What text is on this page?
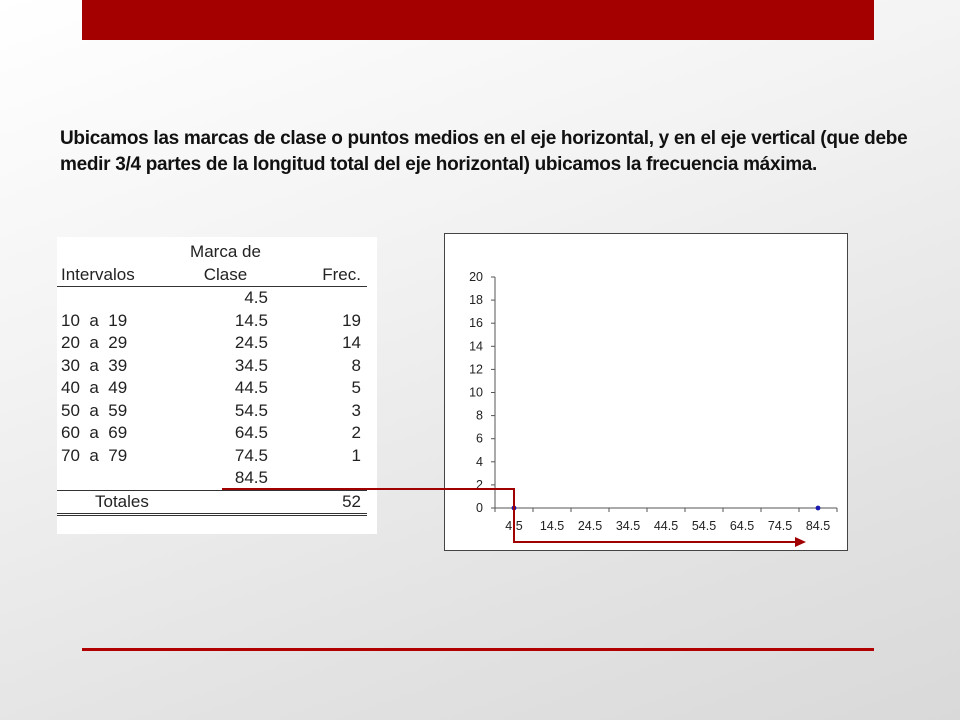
Ubicamos las marcas de clase o puntos medios en el eje horizontal, y en el eje vertical (que debe medir 3/4 partes de la longitud total del eje horizontal) ubicamos la frecuencia máxima.
	Marca de	
Intervalos	Clase	Frec.
	4.5	
10  a  19	14.5	19
20  a  29	24.5	14
30  a  39	34.5	8
40  a  49	44.5	5
50  a  59	54.5	3
60  a  69	64.5	2
70  a  79	74.5	1
	84.5	
Totales		52	0
2
4
6
8
10
12
14
16
18
20
4.5 14.5 24.5 34.5 44.5 54.5 64.5 74.5 84.5
